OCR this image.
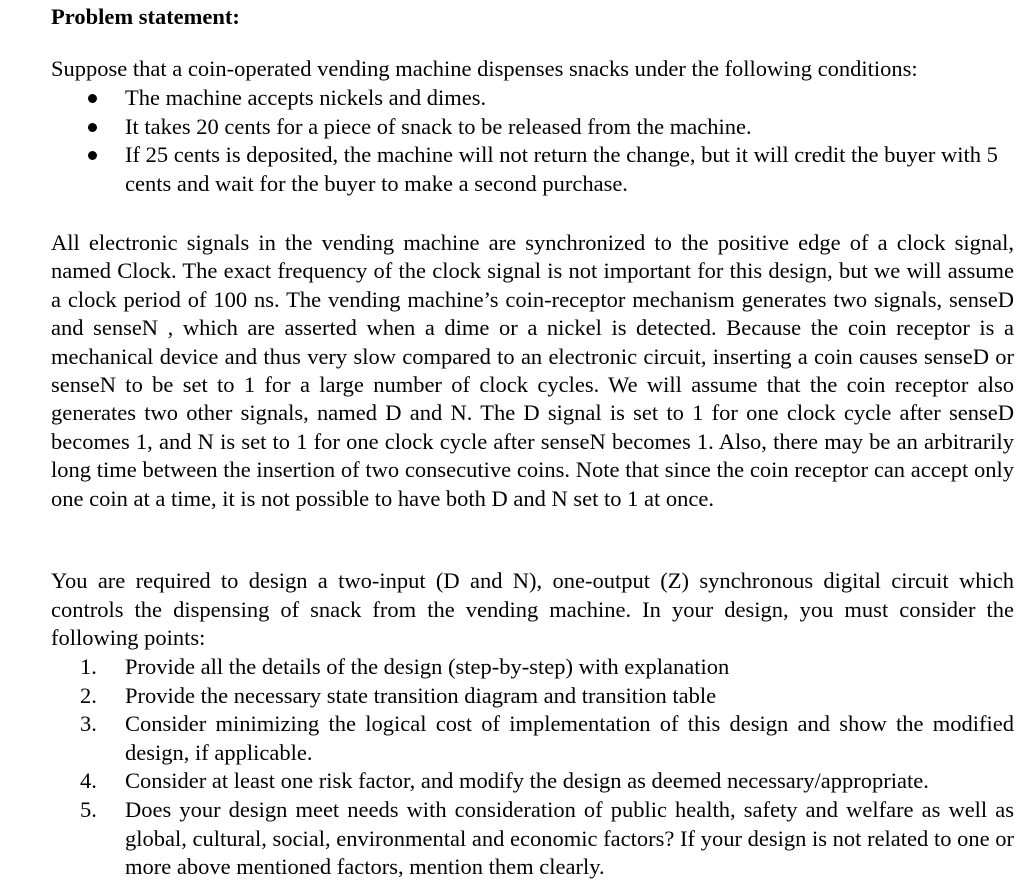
Problem statement:

Suppose that a coin-operated vending machine dispenses snacks under the following conditions:

The machine accepts nickels and dimes.
It takes 20 cents for a piece of snack to be released from the machine.
If 25 cents is deposited, the machine will not return the change, but it will credit the buyer with 5 cents and wait for the buyer to make a second purchase.

All electronic signals in the vending machine are synchronized to the positive edge of a clock signal, named Clock. The exact frequency of the clock signal is not important for this design, but we will assume a clock period of 100 ns. The vending machine’s coin-receptor mechanism generates two signals, senseD and senseN , which are asserted when a dime or a nickel is detected. Because the coin receptor is a mechanical device and thus very slow compared to an electronic circuit, inserting a coin causes senseD or senseN to be set to 1 for a large number of clock cycles. We will assume that the coin receptor also generates two other signals, named D and N. The D signal is set to 1 for one clock cycle after senseD becomes 1, and N is set to 1 for one clock cycle after senseN becomes 1. Also, there may be an arbitrarily long time between the insertion of two consecutive coins. Note that since the coin receptor can accept only one coin at a time, it is not possible to have both D and N set to 1 at once.

You are required to design a two-input (D and N), one-output (Z) synchronous digital circuit which controls the dispensing of snack from the vending machine. In your design, you must consider the following points:

1. Provide all the details of the design (step-by-step) with explanation
2. Provide the necessary state transition diagram and transition table
3. Consider minimizing the logical cost of implementation of this design and show the modified design, if applicable.
4. Consider at least one risk factor, and modify the design as deemed necessary/appropriate.
5. Does your design meet needs with consideration of public health, safety and welfare as well as global, cultural, social, environmental and economic factors? If your design is not related to one or more above mentioned factors, mention them clearly.
